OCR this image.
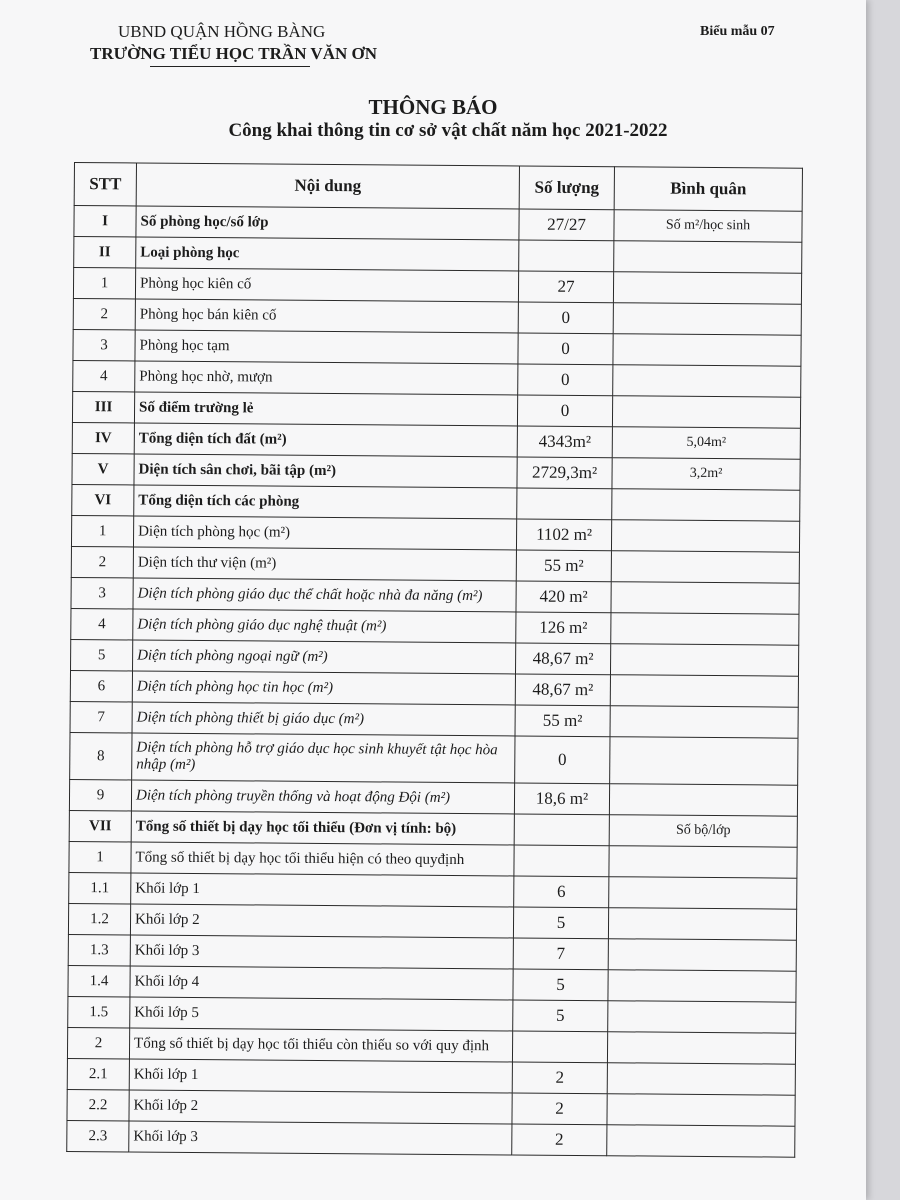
UBND QUẬN HỒNG BÀNG
TRƯỜNG TIỂU HỌC TRẦN VĂN ƠN
Biểu mẫu 07
THÔNG BÁO
Công khai thông tin cơ sở vật chất năm học 2021-2022
STT	Nội dung	Số lượng	Bình quân
I	Số phòng học/số lớp	27/27	Số m²/học sinh
II	Loại phòng học		
1	Phòng học kiên cố	27	
2	Phòng học bán kiên cố	0	
3	Phòng học tạm	0	
4	Phòng học nhờ, mượn	0	
III	Số điểm trường lẻ	0	
IV	Tổng diện tích đất (m²)	4343m²	5,04m²
V	Diện tích sân chơi, bãi tập (m²)	2729,3m²	3,2m²
VI	Tổng diện tích các phòng		
1	Diện tích phòng học (m²)	1102 m²	
2	Diện tích thư viện (m²)	55 m²	
3	Diện tích phòng giáo dục thể chất hoặc nhà đa năng (m²)	420 m²	
4	Diện tích phòng giáo dục nghệ thuật (m²)	126 m²	
5	Diện tích phòng ngoại ngữ (m²)	48,67 m²	
6	Diện tích phòng học tin học (m²)	48,67 m²	
7	Diện tích phòng thiết bị giáo dục (m²)	55 m²	
8	Diện tích phòng hỗ trợ giáo dục học sinh khuyết tật học hòa nhập (m²)	0	
9	Diện tích phòng truyền thống và hoạt động Đội (m²)	18,6 m²	
VII	Tổng số thiết bị dạy học tối thiểu (Đơn vị tính: bộ)		Số bộ/lớp
1	Tổng số thiết bị dạy học tối thiểu hiện có theo quyđịnh		
1.1	Khối lớp 1	6	
1.2	Khối lớp 2	5	
1.3	Khối lớp 3	7	
1.4	Khối lớp 4	5	
1.5	Khối lớp 5	5	
2	Tổng số thiết bị dạy học tối thiểu còn thiếu so với quy định		
2.1	Khối lớp 1	2	
2.2	Khối lớp 2	2	
2.3	Khối lớp 3	2	
